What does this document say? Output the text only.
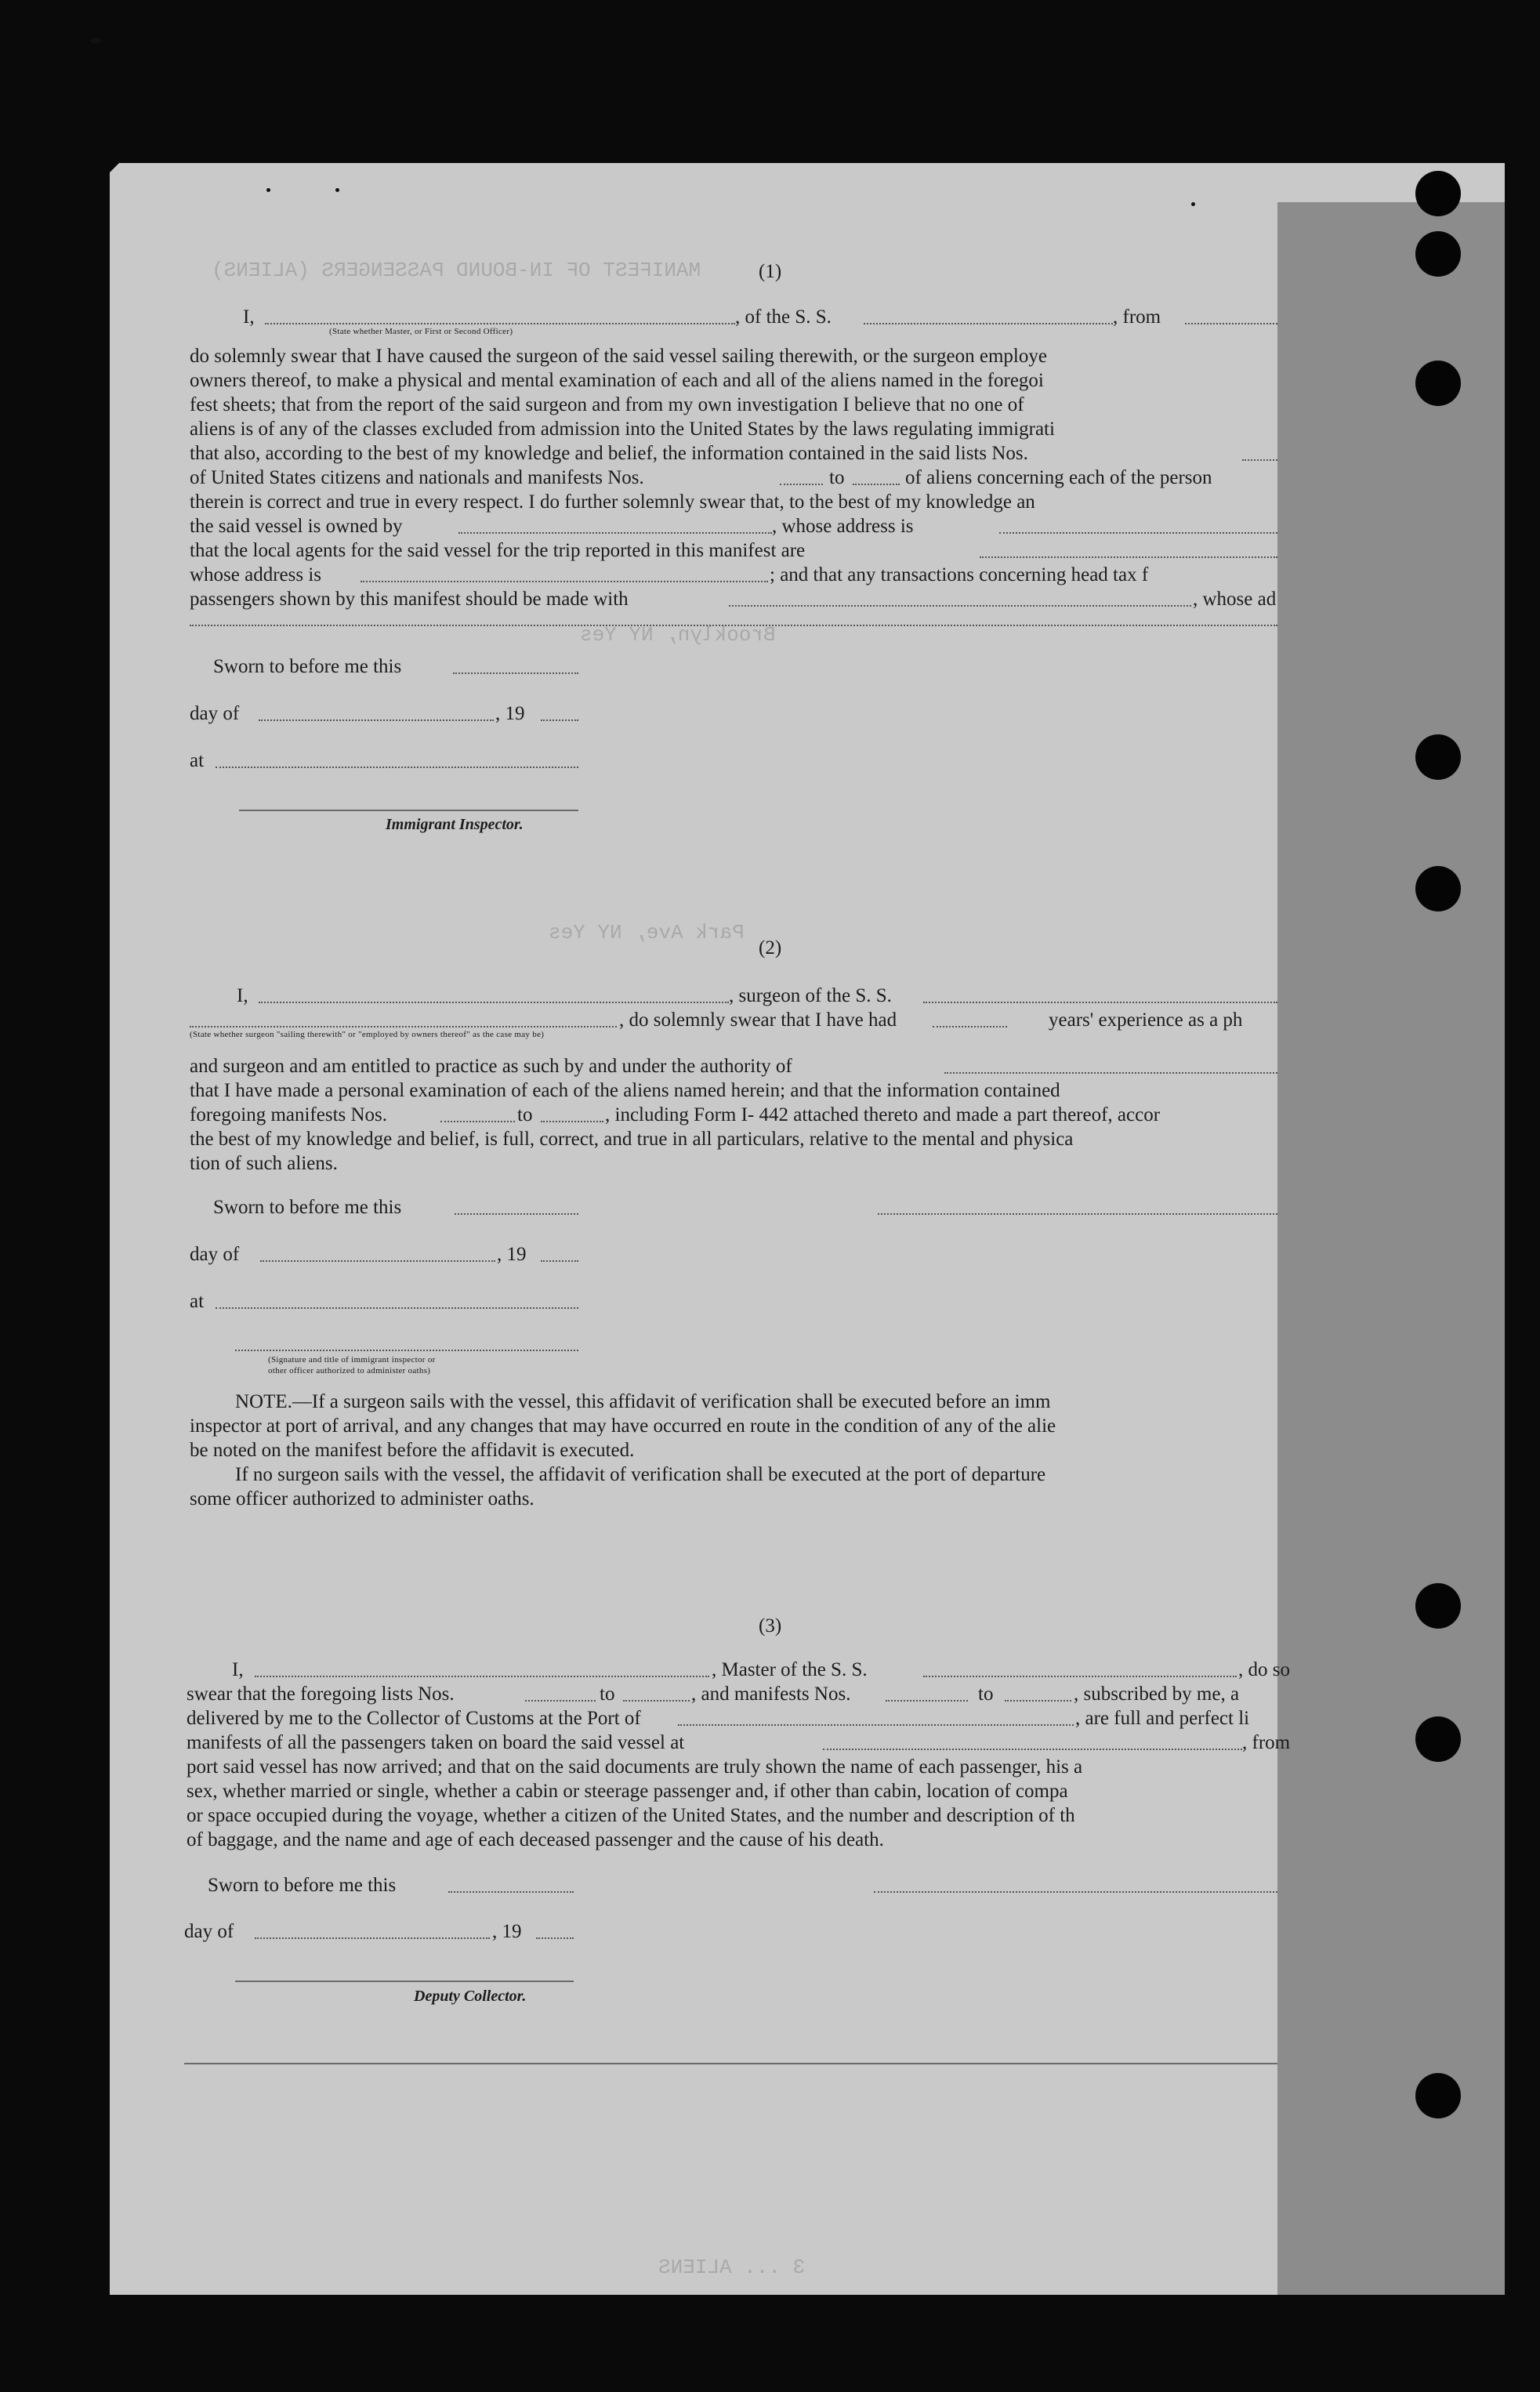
MANIFEST OF IN-BOUND PASSENGERS (ALIENS)
Brooklyn, NY Yes
Park Ave, NY Yes
3 ... ALIENS
(1)
I,	, of the S. S.	, from
(State whether Master, or First or Second Officer)
do solemnly swear that I have caused the surgeon of the said vessel sailing therewith, or the surgeon employe
owners thereof, to make a physical and mental examination of each and all of the aliens named in the foregoi
fest sheets; that from the report of the said surgeon and from my own investigation I believe that no one of
aliens is of any of the classes excluded from admission into the United States by the laws regulating immigrati
that also, according to the best of my knowledge and belief, the information contained in the said lists Nos.
of United States citizens and nationals and manifests Nos.	to	of aliens concerning each of the person
therein is correct and true in every respect. I do further solemnly swear that, to the best of my knowledge an
the said vessel is owned by	, whose address is
that the local agents for the said vessel for the trip reported in this manifest are
whose address is	; and that any transactions concerning head tax f
passengers shown by this manifest should be made with	, whose ad
Sworn to before me this
day of	, 19
at
Immigrant Inspector.
(2)
I,	, surgeon of the S. S.
, do solemnly swear that I have had	years' experience as a ph
(State whether surgeon "sailing therewith" or "employed by owners thereof" as the case may be)
and surgeon and am entitled to practice as such by and under the authority of
that I have made a personal examination of each of the aliens named herein; and that the information contained
foregoing manifests Nos.	to	, including Form I- 442 attached thereto and made a part thereof, accor
the best of my knowledge and belief, is full, correct, and true in all particulars, relative to the mental and physica
tion of such aliens.
Sworn to before me this
day of	, 19
at
(Signature and title of immigrant inspector or
other officer authorized to administer oaths)
NOTE.—If a surgeon sails with the vessel, this affidavit of verification shall be executed before an imm
inspector at port of arrival, and any changes that may have occurred en route in the condition of any of the alie
be noted on the manifest before the affidavit is executed.
If no surgeon sails with the vessel, the affidavit of verification shall be executed at the port of departure
some officer authorized to administer oaths.
(3)
I,	, Master of the S. S.	, do so
swear that the foregoing lists Nos.	to	, and manifests Nos.	to	, subscribed by me, a
delivered by me to the Collector of Customs at the Port of	, are full and perfect li
manifests of all the passengers taken on board the said vessel at	, from
port said vessel has now arrived; and that on the said documents are truly shown the name of each passenger, his a
sex, whether married or single, whether a cabin or steerage passenger and, if other than cabin, location of compa
or space occupied during the voyage, whether a citizen of the United States, and the number and description of th
of baggage, and the name and age of each deceased passenger and the cause of his death.
Sworn to before me this
day of	, 19
Deputy Collector.
